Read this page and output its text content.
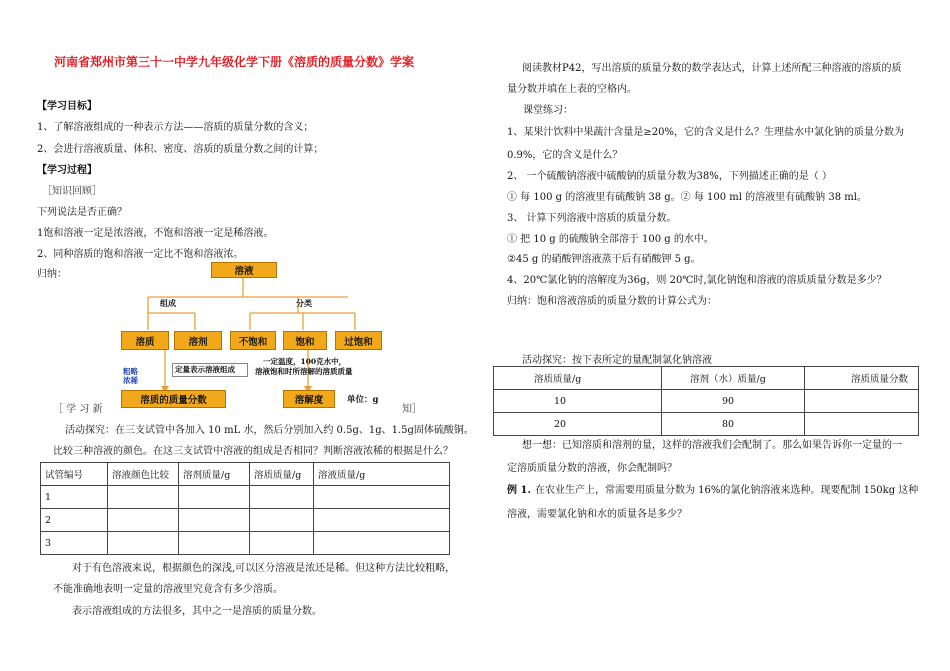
河南省郑州市第三十一中学九年级化学下册《溶质的质量分数》学案
【学习目标】
1、了解溶液组成的一种表示方法——溶质的质量分数的含义；
2、会进行溶液质量、体积、密度、溶质的质量分数之间的计算；
【学习过程】
［知识回顾］
下列说法是否正确？
1饱和溶液一定是浓溶液，不饱和溶液一定是稀溶液。
2、同种溶质的饱和溶液一定比不饱和溶液浓。
归纳：	溶液
组成	分类
溶质	溶剂	不饱和	饱和	过饱和
粗略
浓稀
定量表示溶液组成
一定温度，100克水中，
溶液饱和时所溶解的溶质质量
溶质的质量分数	溶解度	单位：g
［ 学 习 新	知］
活动探究：在三支试管中各加入 10 mL 水，然后分别加入约 0.5g、1g、1.5g固体硫酸铜。
比较三种溶液的颜色。在这三支试管中溶液的组成是否相同？判断溶液浓稀的根据是什么？
试管编号	溶液颜色比较	溶剂质量/g	溶质质量/g	溶液质量/g
1				
2				
3				
对于有色溶液来说，根据颜色的深浅,可以区分溶液是浓还是稀。但这种方法比较粗略，
不能准确地表明一定量的溶液里究竟含有多少溶质。
表示溶液组成的方法很多，其中之一是溶质的质量分数。
阅读教材P42，写出溶质的质量分数的数学表达式，计算上述所配三种溶液的溶质的质
量分数并填在上表的空格内。
课堂练习：
1、某果汁饮料中果蔬汁含量是≥20%，它的含义是什么？生理盐水中氯化钠的质量分数为
0.9%，它的含义是什么？
2、 一个硫酸钠溶液中硫酸钠的质量分数为38%，下列描述正确的是（ ）
① 每 100 g 的溶液里有硫酸钠 38 g。② 每 100 ml 的溶液里有硫酸钠 38 ml。
3、 计算下列溶液中溶质的质量分数。
① 把 10 g 的硫酸钠全部溶于 100 g 的水中。
②45 g 的硝酸钾溶液蒸干后有硝酸钾 5 g。
4、20℃氯化钠的溶解度为36g，则 20℃时,氯化钠饱和溶液的溶质质量分数是多少？
归纳：饱和溶液溶质的质量分数的计算公式为：
活动探究：按下表所定的量配制氯化钠溶液
溶质质量/g	溶剂（水）质量/g	溶质质量分数
10	90	
20	80	
想一想：已知溶质和溶剂的量，这样的溶液我们会配制了。那么如果告诉你一定量的一
定溶质质量分数的溶液，你会配制吗？
例 1. 在农业生产上，常需要用质量分数为 16%的氯化钠溶液来选种。现要配制 150kg 这种
溶液，需要氯化钠和水的质量各是多少？
